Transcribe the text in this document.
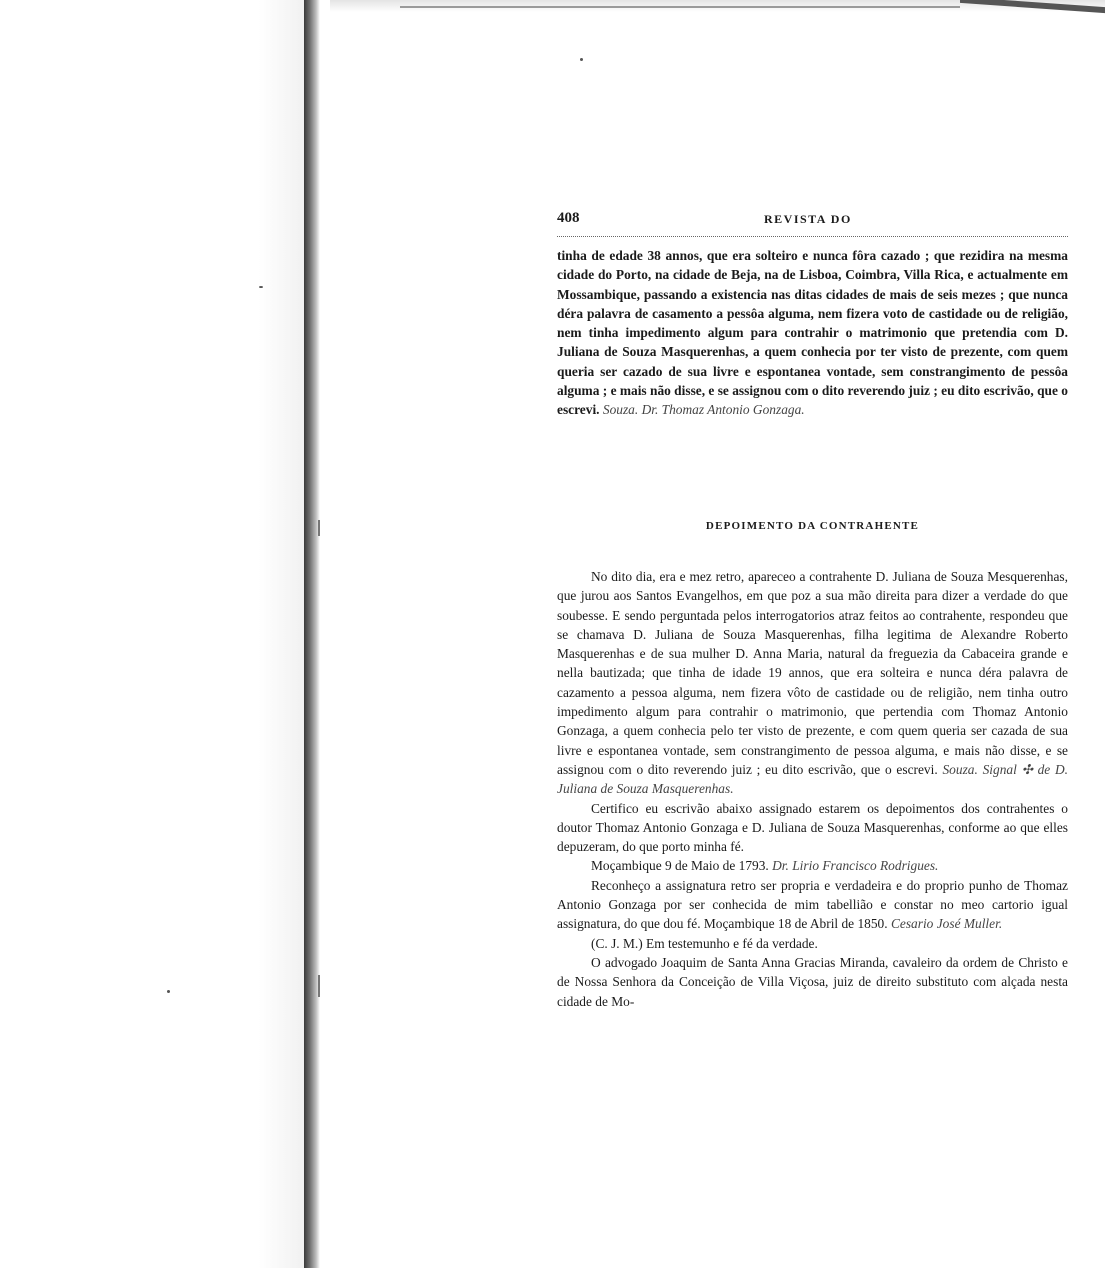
408	REVISTA DO

tinha de edade 38 annos, que era solteiro e nunca fôra cazado ; que rezidira na mesma cidade do Porto, na cidade de Beja, na de Lisboa, Coimbra, Villa Rica, e actualmente em Mossambique, passando a existencia nas ditas cidades de mais de seis mezes ; que nunca déra palavra de casamento a pessôa alguma, nem fizera voto de castidade ou de religião, nem tinha impedimento algum para contrahir o matrimonio que pretendia com D. Juliana de Souza Masquerenhas, a quem conhecia por ter visto de prezente, com quem queria ser cazado de sua livre e espontanea vontade, sem constrangimento de pessôa alguma ; e mais não disse, e se assignou com o dito reverendo juiz ; eu dito escrivão, que o escrevi. Souza. Dr. Thomaz Antonio Gonzaga.

DEPOIMENTO DA CONTRAHENTE

No dito dia, era e mez retro, apareceo a contrahente D. Juliana de Souza Mesquerenhas, que jurou aos Santos Evangelhos, em que poz a sua mão direita para dizer a verdade do que soubesse. E sendo perguntada pelos interrogatorios atraz feitos ao contrahente, respondeu que se chamava D. Juliana de Souza Masquerenhas, filha legitima de Alexandre Roberto Masquerenhas e de sua mulher D. Anna Maria, natural da freguezia da Cabaceira grande e nella bautizada; que tinha de idade 19 annos, que era solteira e nunca déra palavra de cazamento a pessoa alguma, nem fizera vôto de castidade ou de religião, nem tinha outro impedimento algum para contrahir o matrimonio, que pertendia com Thomaz Antonio Gonzaga, a quem conhecia pelo ter visto de prezente, e com quem queria ser cazada de sua livre e espontanea vontade, sem constrangimento de pessoa alguma, e mais não disse, e se assignou com o dito reverendo juiz ; eu dito escrivão, que o escrevi. Souza. Signal ✣ de D. Juliana de Souza Masquerenhas.

Certifico eu escrivão abaixo assignado estarem os depoimentos dos contrahentes o doutor Thomaz Antonio Gonzaga e D. Juliana de Souza Masquerenhas, conforme ao que elles depuzeram, do que porto minha fé.

Moçambique 9 de Maio de 1793. Dr. Lirio Francisco Rodrigues.

Reconheço a assignatura retro ser propria e verdadeira e do proprio punho de Thomaz Antonio Gonzaga por ser conhecida de mim tabellião e constar no meo cartorio igual assignatura, do que dou fé. Moçambique 18 de Abril de 1850. Cesario José Muller.

(C. J. M.) Em testemunho e fé da verdade.

O advogado Joaquim de Santa Anna Gracias Miranda, cavaleiro da ordem de Christo e de Nossa Senhora da Conceição de Villa Viçosa, juiz de direito substituto com alçada nesta cidade de Mo-
